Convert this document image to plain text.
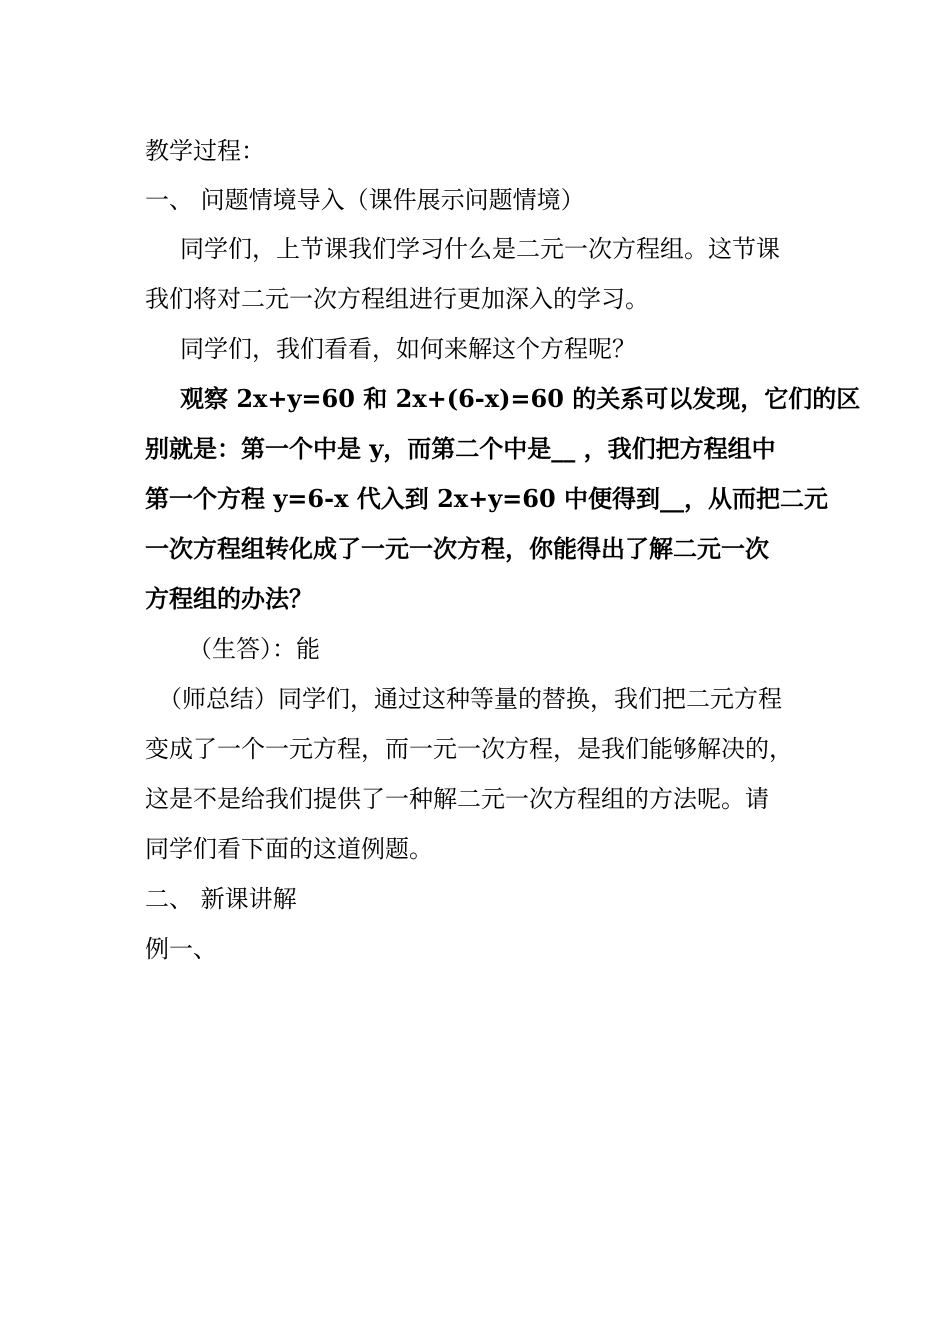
教学过程：
一、 问题情境导入（课件展示问题情境）
同学们，上节课我们学习什么是二元一次方程组。这节课
我们将对二元一次方程组进行更加深入的学习。
同学们，我们看看，如何来解这个方程呢？
观察 2x+y=60 和 2x+(6-x)=60 的关系可以发现，它们的区
别就是：第一个中是 y，而第二个中是__ ，我们把方程组中
第一个方程 y=6-x 代入到 2x+y=60 中便得到__，从而把二元
一次方程组转化成了一元一次方程，你能得出了解二元一次
方程组的办法？
（生答）：能
（师总结）同学们，通过这种等量的替换，我们把二元方程
变成了一个一元方程，而一元一次方程，是我们能够解决的，
这是不是给我们提供了一种解二元一次方程组的方法呢。请
同学们看下面的这道例题。
二、 新课讲解
例一、
